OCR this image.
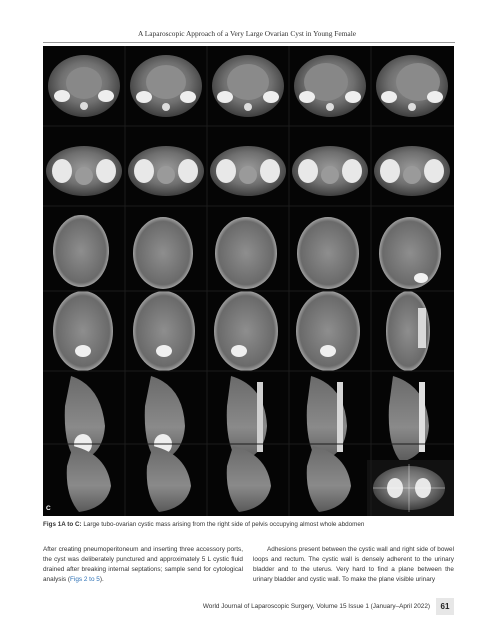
A Laparoscopic Approach of a Very Large Ovarian Cyst in Young Female
C
Figs 1A to C: Large tubo-ovarian cystic mass arising from the right side of pelvis occupying almost whole abdomen

After creating pneumoperitoneum and inserting three accessory ports, the cyst was deliberately punctured and approximately 5 L cystic fluid drained after breaking internal septations; sample send for cytological analysis (Figs 2 to 5).

Adhesions present between the cystic wall and right side of bowel loops and rectum. The cystic wall is densely adherent to the urinary bladder and to the uterus. Very hard to find a plane between the urinary bladder and cystic wall. To make the plane visible urinary

World Journal of Laparoscopic Surgery, Volume 15 Issue 1 (January–April 2022)	61
